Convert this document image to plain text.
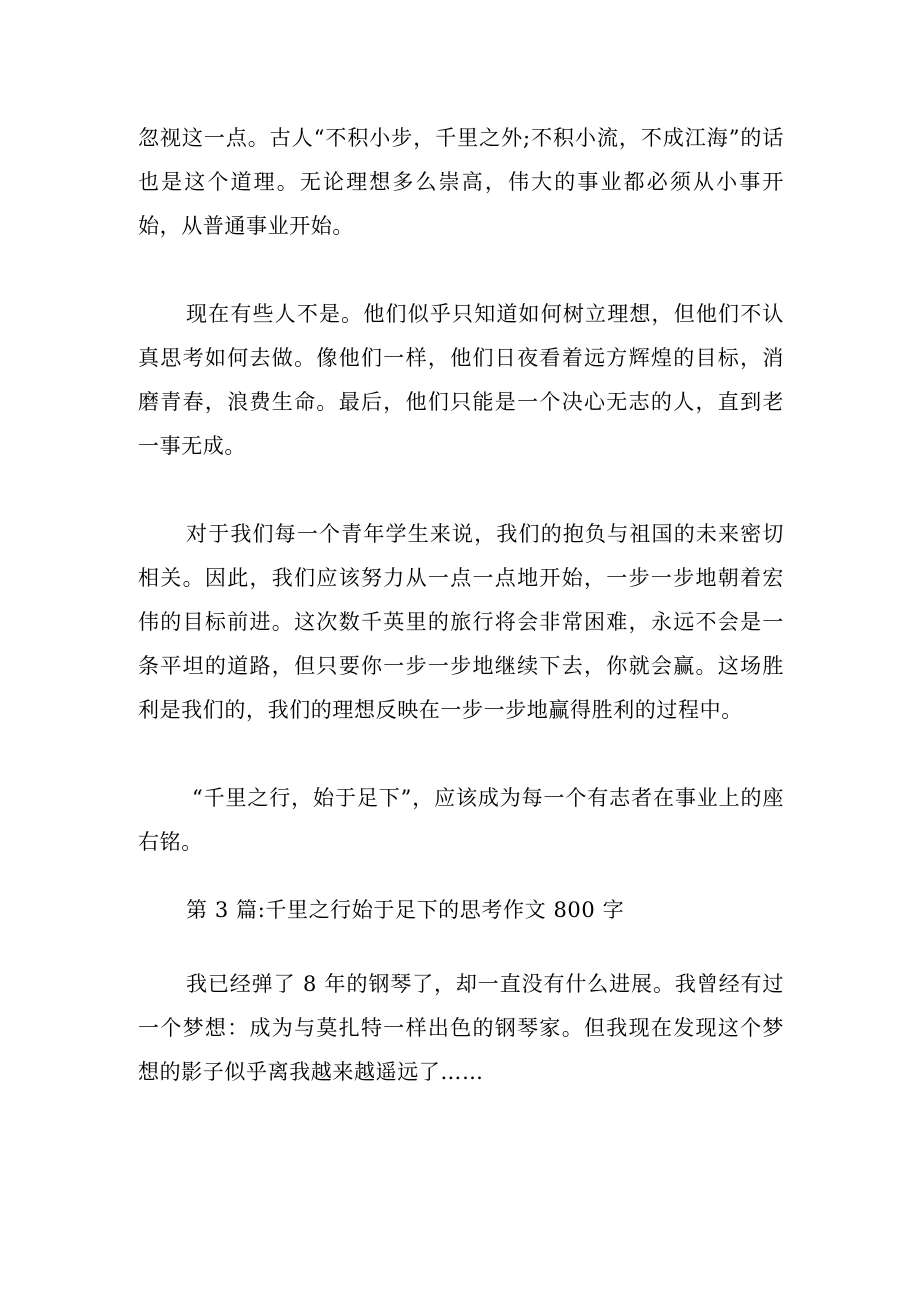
忽视这一点。古人“不积小步，千里之外;不积小流，不成江海”的话也是这个道理。无论理想多么崇高，伟大的事业都必须从小事开始，从普通事业开始。

现在有些人不是。他们似乎只知道如何树立理想，但他们不认真思考如何去做。像他们一样，他们日夜看着远方辉煌的目标，消磨青春，浪费生命。最后，他们只能是一个决心无志的人，直到老一事无成。

对于我们每一个青年学生来说，我们的抱负与祖国的未来密切相关。因此，我们应该努力从一点一点地开始，一步一步地朝着宏伟的目标前进。这次数千英里的旅行将会非常困难，永远不会是一条平坦的道路，但只要你一步一步地继续下去，你就会赢。这场胜利是我们的，我们的理想反映在一步一步地赢得胜利的过程中。

“千里之行，始于足下”，应该成为每一个有志者在事业上的座右铭。

第 3 篇:千里之行始于足下的思考作文 800 字

我已经弹了 8 年的钢琴了，却一直没有什么进展。我曾经有过一个梦想：成为与莫扎特一样出色的钢琴家。但我现在发现这个梦想的影子似乎离我越来越遥远了……
